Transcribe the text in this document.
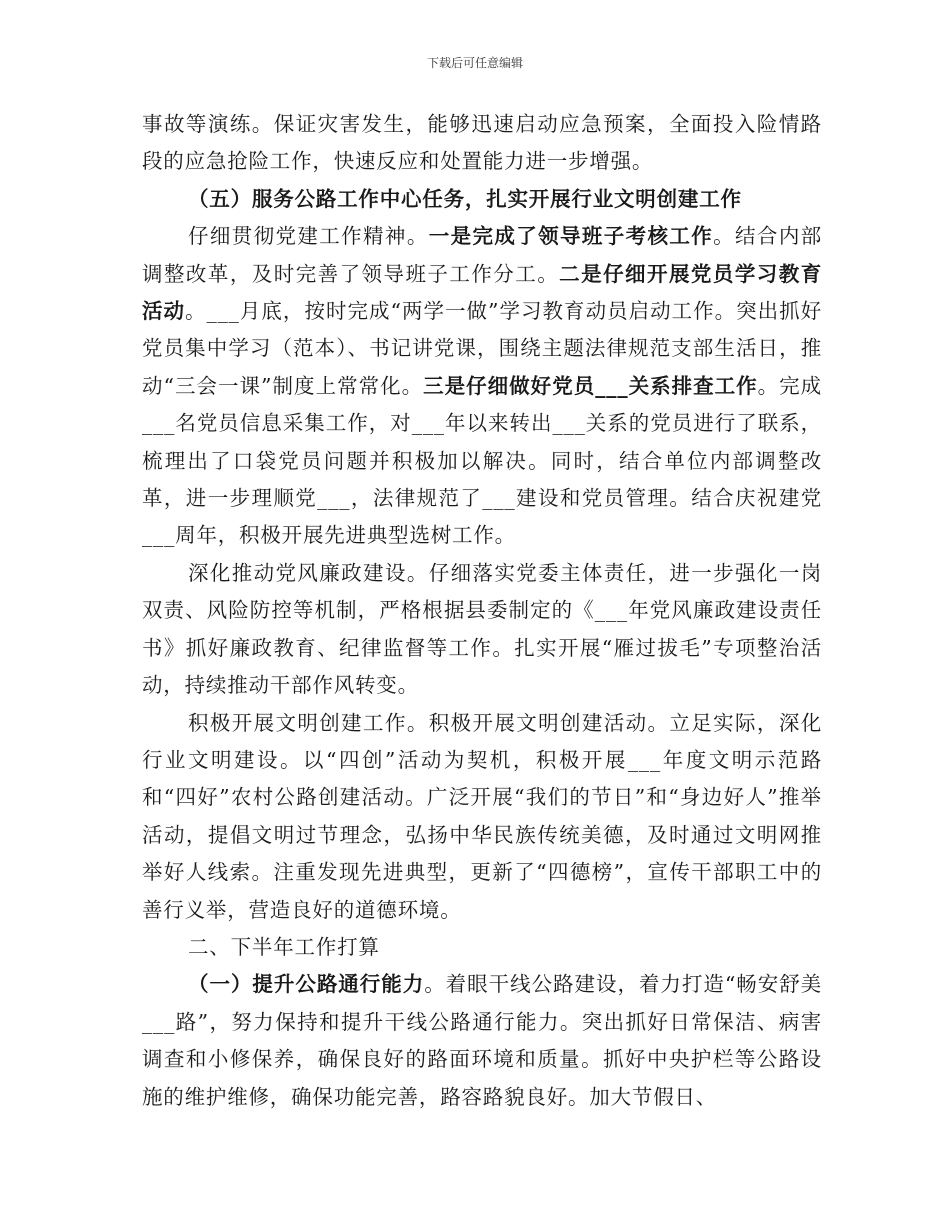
下载后可任意编辑

事故等演练。保证灾害发生，能够迅速启动应急预案，全面投入险情路段的应急抢险工作，快速反应和处置能力进一步增强。

（五）服务公路工作中心任务，扎实开展行业文明创建工作

仔细贯彻党建工作精神。一是完成了领导班子考核工作。结合内部调整改革，及时完善了领导班子工作分工。二是仔细开展党员学习教育活动。___月底，按时完成“两学一做”学习教育动员启动工作。突出抓好党员集中学习（范本）、书记讲党课，围绕主题法律规范支部生活日，推动“三会一课”制度上常常化。三是仔细做好党员___关系排查工作。完成___名党员信息采集工作，对___年以来转出___关系的党员进行了联系，梳理出了口袋党员问题并积极加以解决。同时，结合单位内部调整改革，进一步理顺党___，法律规范了___建设和党员管理。结合庆祝建党___周年，积极开展先进典型选树工作。

深化推动党风廉政建设。仔细落实党委主体责任，进一步强化一岗双责、风险防控等机制，严格根据县委制定的《___年党风廉政建设责任书》抓好廉政教育、纪律监督等工作。扎实开展“雁过拔毛”专项整治活动，持续推动干部作风转变。

积极开展文明创建工作。积极开展文明创建活动。立足实际，深化行业文明建设。以“四创”活动为契机，积极开展___年度文明示范路和“四好”农村公路创建活动。广泛开展“我们的节日”和“身边好人”推举活动，提倡文明过节理念，弘扬中华民族传统美德，及时通过文明网推举好人线索。注重发现先进典型，更新了“四德榜”，宣传干部职工中的善行义举，营造良好的道德环境。

二、下半年工作打算

（一）提升公路通行能力。着眼干线公路建设，着力打造“畅安舒美___路”，努力保持和提升干线公路通行能力。突出抓好日常保洁、病害调查和小修保养，确保良好的路面环境和质量。抓好中央护栏等公路设施的维护维修，确保功能完善，路容路貌良好。加大节假日、
